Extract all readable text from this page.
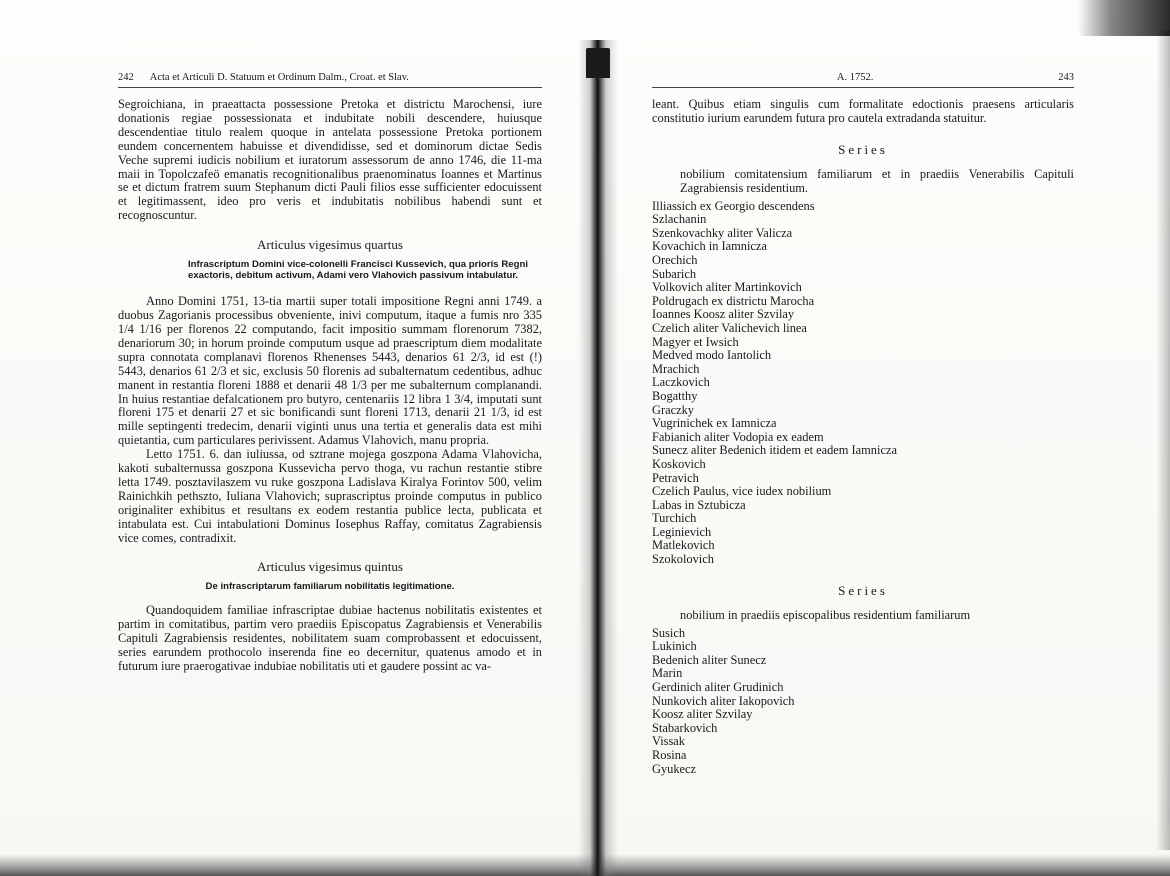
242 Acta et Articuli D. Statuum et Ordinum Dalm., Croat. et Slav.

Segroichiana, in praeattacta possessione Pretoka et districtu Marochensi, iure donationis regiae possessionata et indubitate nobili descendere, huiusque descendentiae titulo realem quoque in antelata possessione Pretoka portionem eundem concernentem habuisse et divendidisse, sed et dominorum dictae Sedis Veche supremi iudicis nobilium et iuratorum assessorum de anno 1746, die 11-ma maii in Topolczafeö emanatis recognitionalibus praenominatus Ioannes et Martinus se et dictum fratrem suum Stephanum dicti Pauli filios esse sufficienter edocuissent et legitimassent, ideo pro veris et indubitatis nobilibus habendi sunt et recognoscuntur.

Articulus vigesimus quartus
Infrascriptum Domini vice-colonelli Francisci Kussevich, qua prioris Regni exactoris, debitum activum, Adami vero Vlahovich passivum intabulatur.

Anno Domini 1751, 13-tia martii super totali impositione Regni anni 1749. a duobus Zagorianis processibus obveniente, inivi computum, itaque a fumis nro 335 1/4 1/16 per florenos 22 computando, facit impositio summam florenorum 7382, denariorum 30; in horum proinde computum usque ad praescriptum diem modalitate supra connotata complanavi florenos Rhenenses 5443, denarios 61 2/3, id est (!) 5443, denarios 61 2/3 et sic, exclusis 50 florenis ad subalternatum cedentibus, adhuc manent in restantia floreni 1888 et denarii 48 1/3 per me subalternum complanandi. In huius restantiae defalcationem pro butyro, centenariis 12 libra 1 3/4, imputati sunt floreni 175 et denarii 27 et sic bonificandi sunt floreni 1713, denarii 21 1/3, id est mille septingenti tredecim, denarii viginti unus una tertia et generalis data est mihi quietantia, cum particulares perivissent. Adamus Vlahovich, manu propria.

Letto 1751. 6. dan iuliussa, od sztrane mojega goszpona Adama Vlahovicha, kakoti subalternussa goszpona Kussevicha pervo thoga, vu rachun restantie stibre letta 1749. posztavilaszem vu ruke goszpona Ladislava Kiralya Forintov 500, velim Rainichkih pethszto, Iuliana Vlahovich; suprascriptus proinde computus in publico originaliter exhibitus et resultans ex eodem restantia publice lecta, publicata et intabulata est. Cui intabulationi Dominus Iosephus Raffay, comitatus Zagrabiensis vice comes, contradixit.

Articulus vigesimus quintus
De infrascriptarum familiarum nobilitatis legitimatione.

Quandoquidem familiae infrascriptae dubiae hactenus nobilitatis existentes et partim in comitatibus, partim vero praediis Episcopatus Zagrabiensis et Venerabilis Capituli Zagrabiensis residentes, nobilitatem suam comprobassent et edocuissent, series earundem prothocolo inserenda fine eo decernitur, quatenus amodo et in futurum iure praerogativae indubiae nobilitatis uti et gaudere possint ac va-

A. 1752.	243

leant. Quibus etiam singulis cum formalitate edoctionis praesens articularis constitutio iurium earundem futura pro cautela extradanda statuitur.

Series
nobilium comitatensium familiarum et in praediis Venerabilis Capituli Zagrabiensis residentium.
Illiassich ex Georgio descendens
Szlachanin
Szenkovachky aliter Valicza
Kovachich in Iamnicza
Orechich
Subarich
Volkovich aliter Martinkovich
Poldrugach ex districtu Marocha
Ioannes Koosz aliter Szvilay
Czelich aliter Valichevich linea
Magyer et Iwsich
Medved modo Iantolich
Mrachich
Laczkovich
Bogatthy
Graczky
Vugrinichek ex Iamnicza
Fabianich aliter Vodopia ex eadem
Sunecz aliter Bedenich itidem et eadem Iamnicza
Koskovich
Petravich
Czelich Paulus, vice iudex nobilium
Labas in Sztubicza
Turchich
Leginievich
Matlekovich
Szokolovich
Series
nobilium in praediis episcopalibus residentium familiarum
Susich
Lukinich
Bedenich aliter Sunecz
Marin
Gerdinich aliter Grudinich
Nunkovich aliter Iakopovich
Koosz aliter Szvilay
Stabarkovich
Vissak
Rosina
Gyukecz
